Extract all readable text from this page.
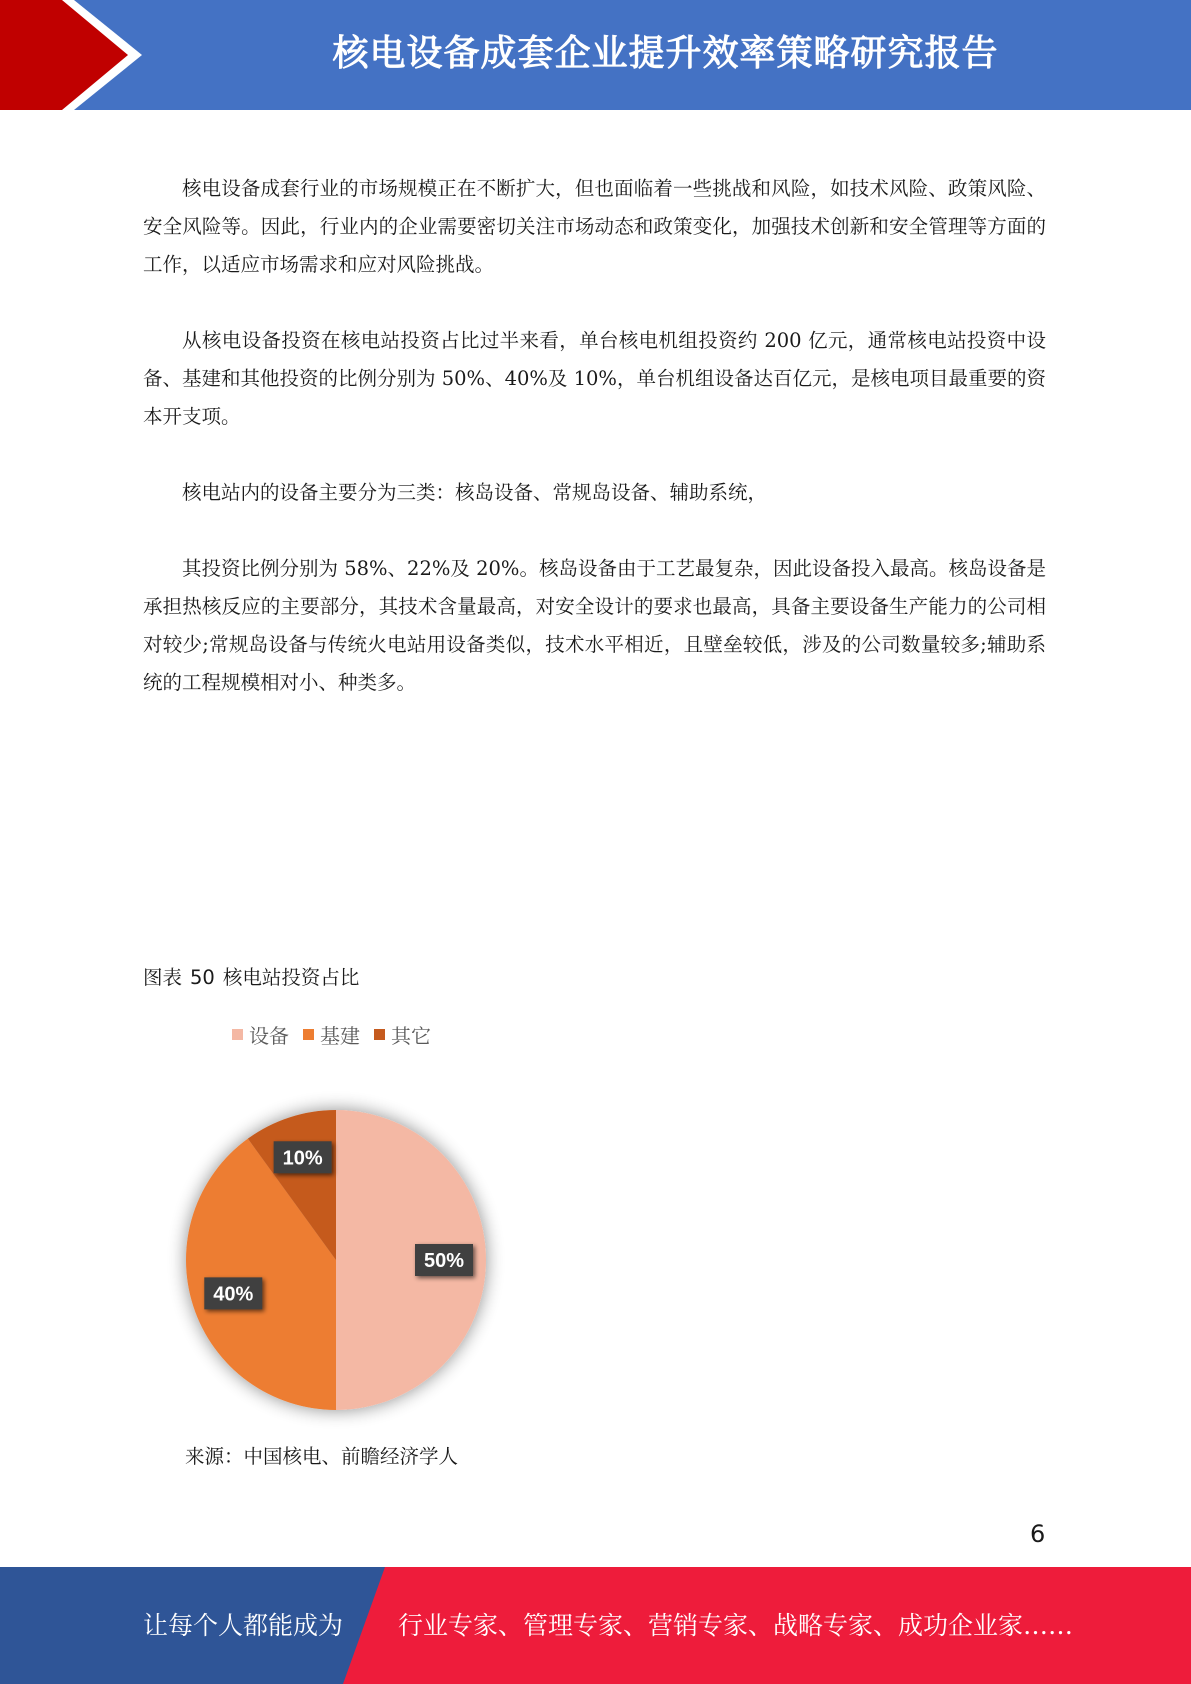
核电设备成套企业提升效率策略研究报告

核电设备成套行业的市场规模正在不断扩大，但也面临着一些挑战和风险，如技术风险、政策风险、安全风险等。因此，行业内的企业需要密切关注市场动态和政策变化，加强技术创新和安全管理等方面的工作，以适应市场需求和应对风险挑战。

从核电设备投资在核电站投资占比过半来看，单台核电机组投资约 200 亿元，通常核电站投资中设备、基建和其他投资的比例分别为 50%、40%及 10%，单台机组设备达百亿元，是核电项目最重要的资本开支项。

核电站内的设备主要分为三类：核岛设备、常规岛设备、辅助系统，

其投资比例分别为 58%、22%及 20%。核岛设备由于工艺最复杂，因此设备投入最高。核岛设备是承担热核反应的主要部分，其技术含量最高，对安全设计的要求也最高，具备主要设备生产能力的公司相对较少;常规岛设备与传统火电站用设备类似，技术水平相近，且壁垒较低，涉及的公司数量较多;辅助系统的工程规模相对小、种类多。

图表 50 核电站投资占比
设备 基建 其它
50%
40%
10%
来源：中国核电、前瞻经济学人
6
让每个人都能成为 行业专家、管理专家、营销专家、战略专家、成功企业家……
